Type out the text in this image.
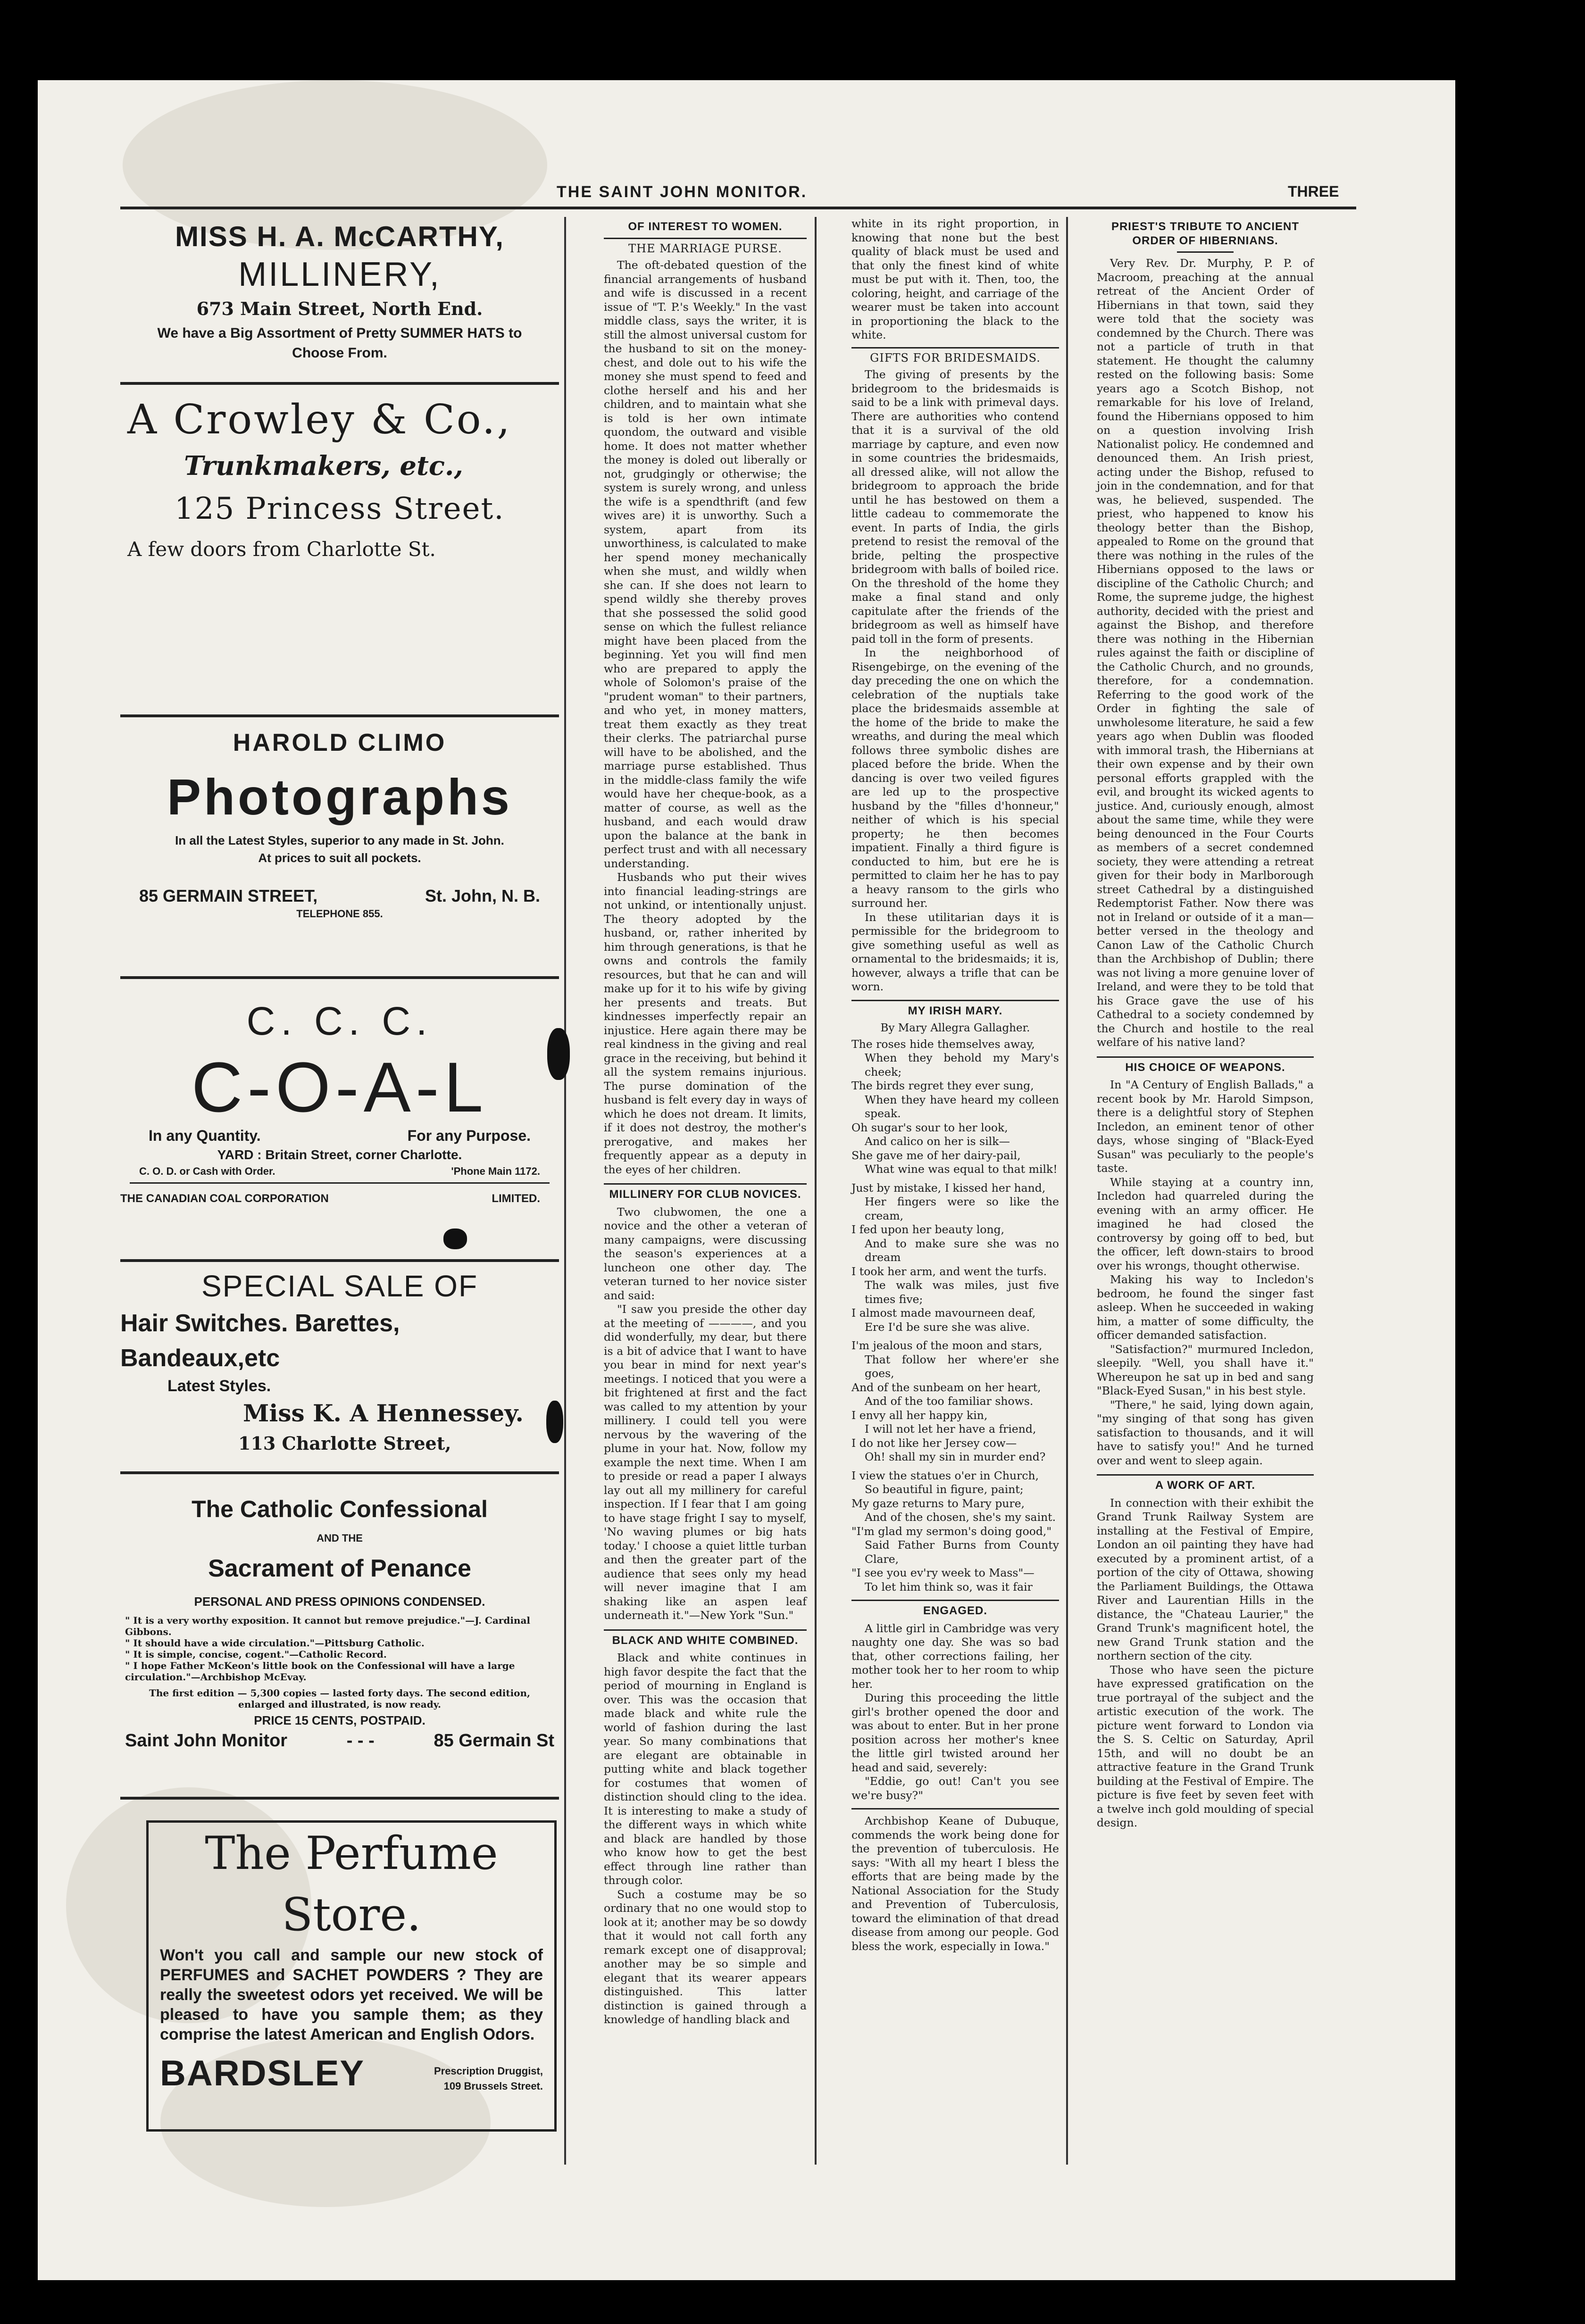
THE SAINT JOHN MONITOR.	THREE
MISS H. A. McCARTHY,
MILLINERY,
673 Main Street, North End.
We have a Big Assortment of Pretty SUMMER HATS to
Choose From.
A Crowley & Co.,
Trunkmakers, etc.,
125 Princess Street.
A few doors from Charlotte St.
HAROLD CLIMO
Photographs
In all the Latest Styles, superior to any made in St. John.
At prices to suit all pockets.
85 GERMAIN STREET,	St. John, N. B.
TELEPHONE 855.
C. C. C.
C-O-A-L
In any Quantity.	For any Purpose.
YARD : Britain Street, corner Charlotte.
C. O. D. or Cash with Order.	'Phone Main 1172.
THE CANADIAN COAL CORPORATION	LIMITED.
SPECIAL SALE OF
Hair Switches. Barettes, Bandeaux,etc
Latest Styles.
Miss K. A Hennessey.
113 Charlotte Street,
The Catholic Confessional
AND THE
Sacrament of Penance
PERSONAL AND PRESS OPINIONS CONDENSED.
" It is a very worthy exposition. It cannot but remove prejudice."—J. Cardinal Gibbons.
" It should have a wide circulation."—Pittsburg Catholic.
" It is simple, concise, cogent."—Catholic Record.
" I hope Father McKeon's little book on the Confessional will have a large circulation."—Archbishop McEvay.
The first edition — 5,300 copies — lasted forty days. The second edition, enlarged and illustrated, is now ready.
PRICE 15 CENTS, POSTPAID.
Saint John Monitor	- - -	85 Germain St
The Perfume Store.
Won't you call and sample our new stock of PERFUMES and SACHET POWDERS ? They are really the sweetest odors yet received. We will be pleased to have you sample them; as they comprise the latest American and English Odors.
BARDSLEY	Prescription Druggist,
109 Brussels Street.
OF INTEREST TO WOMEN.
THE MARRIAGE PURSE.

The oft-debated question of the financial arrangements of husband and wife is discussed in a recent issue of "T. P.'s Weekly." In the vast middle class, says the writer, it is still the almost universal custom for the husband to sit on the money-chest, and dole out to his wife the money she must spend to feed and clothe herself and his and her children, and to maintain what she is told is her own intimate quondom, the outward and visible home. It does not matter whether the money is doled out liberally or not, grudgingly or otherwise; the system is surely wrong, and unless the wife is a spendthrift (and few wives are) it is unworthy. Such a system, apart from its unworthiness, is calculated to make her spend money mechanically when she must, and wildly when she can. If she does not learn to spend wildly she thereby proves that she possessed the solid good sense on which the fullest reliance might have been placed from the beginning. Yet you will find men who are prepared to apply the whole of Solomon's praise of the "prudent woman" to their partners, and who yet, in money matters, treat them exactly as they treat their clerks. The patriarchal purse will have to be abolished, and the marriage purse established. Thus in the middle-class family the wife would have her cheque-book, as a matter of course, as well as the husband, and each would draw upon the balance at the bank in perfect trust and with all necessary understanding.

Husbands who put their wives into financial leading-strings are not unkind, or intentionally unjust. The theory adopted by the husband, or, rather inherited by him through generations, is that he owns and controls the family resources, but that he can and will make up for it to his wife by giving her presents and treats. But kindnesses imperfectly repair an injustice. Here again there may be real kindness in the giving and real grace in the receiving, but behind it all the system remains injurious. The purse domination of the husband is felt every day in ways of which he does not dream. It limits, if it does not destroy, the mother's prerogative, and makes her frequently appear as a deputy in the eyes of her children.

MILLINERY FOR CLUB NOVICES.

Two clubwomen, the one a novice and the other a veteran of many campaigns, were discussing the season's experiences at a luncheon one other day. The veteran turned to her novice sister and said:

"I saw you preside the other day at the meeting of ————, and you did wonderfully, my dear, but there is a bit of advice that I want to have you bear in mind for next year's meetings. I noticed that you were a bit frightened at first and the fact was called to my attention by your millinery. I could tell you were nervous by the wavering of the plume in your hat. Now, follow my example the next time. When I am to preside or read a paper I always lay out all my millinery for careful inspection. If I fear that I am going to have stage fright I say to myself, 'No waving plumes or big hats today.' I choose a quiet little turban and then the greater part of the audience that sees only my head will never imagine that I am shaking like an aspen leaf underneath it."—New York "Sun."

BLACK AND WHITE COMBINED.

Black and white continues in high favor despite the fact that the period of mourning in England is over. This was the occasion that made black and white rule the world of fashion during the last year. So many combinations that are elegant are obtainable in putting white and black together for costumes that women of distinction should cling to the idea. It is interesting to make a study of the different ways in which white and black are handled by those who know how to get the best effect through line rather than through color.

Such a costume may be so ordinary that no one would stop to look at it; another may be so dowdy that it would not call forth any remark except one of disapproval; another may be so simple and elegant that its wearer appears distinguished. This latter distinction is gained through a knowledge of handling black and

white in its right proportion, in knowing that none but the best quality of black must be used and that only the finest kind of white must be put with it. Then, too, the coloring, height, and carriage of the wearer must be taken into account in proportioning the black to the white.

GIFTS FOR BRIDESMAIDS.

The giving of presents by the bridegroom to the bridesmaids is said to be a link with primeval days. There are authorities who contend that it is a survival of the old marriage by capture, and even now in some countries the bridesmaids, all dressed alike, will not allow the bridegroom to approach the bride until he has bestowed on them a little cadeau to commemorate the event. In parts of India, the girls pretend to resist the removal of the bride, pelting the prospective bridegroom with balls of boiled rice. On the threshold of the home they make a final stand and only capitulate after the friends of the bridegroom as well as himself have paid toll in the form of presents.

In the neighborhood of Risengebirge, on the evening of the day preceding the one on which the celebration of the nuptials take place the bridesmaids assemble at the home of the bride to make the wreaths, and during the meal which follows three symbolic dishes are placed before the bride. When the dancing is over two veiled figures are led up to the prospective husband by the "filles d'honneur," neither of which is his special property; he then becomes impatient. Finally a third figure is conducted to him, but ere he is permitted to claim her he has to pay a heavy ransom to the girls who surround her.

In these utilitarian days it is permissible for the bridegroom to give something useful as well as ornamental to the bridesmaids; it is, however, always a trifle that can be worn.

MY IRISH MARY.
By Mary Allegra Gallagher.
The roses hide themselves away,
When they behold my Mary's cheek;
The birds regret they ever sung,
When they have heard my colleen speak.
Oh sugar's sour to her look,
And calico on her is silk—
She gave me of her dairy-pail,
What wine was equal to that milk!
Just by mistake, I kissed her hand,
Her fingers were so like the cream,
I fed upon her beauty long,
And to make sure she was no dream
I took her arm, and went the turfs.
The walk was miles, just five times five;
I almost made mavourneen deaf,
Ere I'd be sure she was alive.
I'm jealous of the moon and stars,
That follow her where'er she goes,
And of the sunbeam on her heart,
And of the too familiar shows.
I envy all her happy kin,
I will not let her have a friend,
I do not like her Jersey cow—
Oh! shall my sin in murder end?
I view the statues o'er in Church,
So beautiful in figure, paint;
My gaze returns to Mary pure,
And of the chosen, she's my saint.
"I'm glad my sermon's doing good,"
Said Father Burns from County Clare,
"I see you ev'ry week to Mass"—
To let him think so, was it fair
ENGAGED.

A little girl in Cambridge was very naughty one day. She was so bad that, other corrections failing, her mother took her to her room to whip her.

During this proceeding the little girl's brother opened the door and was about to enter. But in her prone position across her mother's knee the little girl twisted around her head and said, severely:

"Eddie, go out! Can't you see we're busy?"

Archbishop Keane of Dubuque, commends the work being done for the prevention of tuberculosis. He says: "With all my heart I bless the efforts that are being made by the National Association for the Study and Prevention of Tuberculosis, toward the elimination of that dread disease from among our people. God bless the work, especially in Iowa."

PRIEST'S TRIBUTE TO ANCIENT ORDER OF HIBERNIANS.

Very Rev. Dr. Murphy, P. P. of Macroom, preaching at the annual retreat of the Ancient Order of Hibernians in that town, said they were told that the society was condemned by the Church. There was not a particle of truth in that statement. He thought the calumny rested on the following basis: Some years ago a Scotch Bishop, not remarkable for his love of Ireland, found the Hibernians opposed to him on a question involving Irish Nationalist policy. He condemned and denounced them. An Irish priest, acting under the Bishop, refused to join in the condemnation, and for that was, he believed, suspended. The priest, who happened to know his theology better than the Bishop, appealed to Rome on the ground that there was nothing in the rules of the Hibernians opposed to the laws or discipline of the Catholic Church; and Rome, the supreme judge, the highest authority, decided with the priest and against the Bishop, and therefore there was nothing in the Hibernian rules against the faith or discipline of the Catholic Church, and no grounds, therefore, for a condemnation. Referring to the good work of the Order in fighting the sale of unwholesome literature, he said a few years ago when Dublin was flooded with immoral trash, the Hibernians at their own expense and by their own personal efforts grappled with the evil, and brought its wicked agents to justice. And, curiously enough, almost about the same time, while they were being denounced in the Four Courts as members of a secret condemned society, they were attending a retreat given for their body in Marlborough street Cathedral by a distinguished Redemptorist Father. Now there was not in Ireland or outside of it a man—better versed in the theology and Canon Law of the Catholic Church than the Archbishop of Dublin; there was not living a more genuine lover of Ireland, and were they to be told that his Grace gave the use of his Cathedral to a society condemned by the Church and hostile to the real welfare of his native land?

HIS CHOICE OF WEAPONS.

In "A Century of English Ballads," a recent book by Mr. Harold Simpson, there is a delightful story of Stephen Incledon, an eminent tenor of other days, whose singing of "Black-Eyed Susan" was peculiarly to the people's taste.

While staying at a country inn, Incledon had quarreled during the evening with an army officer. He imagined he had closed the controversy by going off to bed, but the officer, left down-stairs to brood over his wrongs, thought otherwise.

Making his way to Incledon's bedroom, he found the singer fast asleep. When he succeeded in waking him, a matter of some difficulty, the officer demanded satisfaction.

"Satisfaction?" murmured Incledon, sleepily. "Well, you shall have it." Whereupon he sat up in bed and sang "Black-Eyed Susan," in his best style.

"There," he said, lying down again, "my singing of that song has given satisfaction to thousands, and it will have to satisfy you!" And he turned over and went to sleep again.

A WORK OF ART.

In connection with their exhibit the Grand Trunk Railway System are installing at the Festival of Empire, London an oil painting they have had executed by a prominent artist, of a portion of the city of Ottawa, showing the Parliament Buildings, the Ottawa River and Laurentian Hills in the distance, the "Chateau Laurier," the Grand Trunk's magnificent hotel, the new Grand Trunk station and the northern section of the city.

Those who have seen the picture have expressed gratification on the true portrayal of the subject and the artistic execution of the work. The picture went forward to London via the S. S. Celtic on Saturday, April 15th, and will no doubt be an attractive feature in the Grand Trunk building at the Festival of Empire. The picture is five feet by seven feet with a twelve inch gold moulding of special design.
